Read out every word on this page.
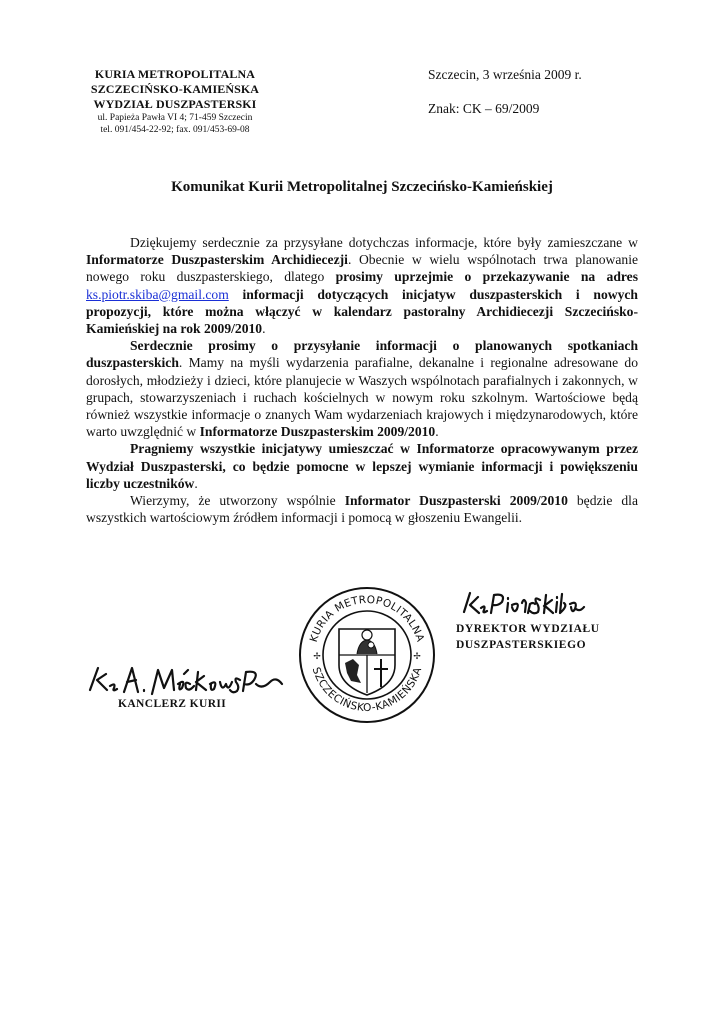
KURIA METROPOLITALNA
SZCZECIŃSKO-KAMIEŃSKA
WYDZIAŁ DUSZPASTERSKI
ul. Papieża Pawła VI 4; 71-459 Szczecin
tel. 091/454-22-92; fax. 091/453-69-08
Szczecin, 3 września 2009 r.
Znak: CK – 69/2009
Komunikat Kurii Metropolitalnej Szczecińsko-Kamieńskiej

Dziękujemy serdecznie za przysyłane dotychczas informacje, które były zamieszczane w Informatorze Duszpasterskim Archidiecezji. Obecnie w wielu wspólnotach trwa planowanie nowego roku duszpasterskiego, dlatego prosimy uprzejmie o przekazywanie na adres ks.piotr.skiba@gmail.com informacji dotyczących inicjatyw duszpasterskich i nowych propozycji, które można włączyć w kalendarz pastoralny Archidiecezji Szczecińsko-Kamieńskiej na rok 2009/2010.

Serdecznie prosimy o przysyłanie informacji o planowanych spotkaniach duszpasterskich. Mamy na myśli wydarzenia parafialne, dekanalne i regionalne adresowane do dorosłych, młodzieży i dzieci, które planujecie w Waszych wspólnotach parafialnych i zakonnych, w grupach, stowarzyszeniach i ruchach kościelnych w nowym roku szkolnym. Wartościowe będą również wszystkie informacje o znanych Wam wydarzeniach krajowych i międzynarodowych, które warto uwzględnić w Informatorze Duszpasterskim 2009/2010.

Pragniemy wszystkie inicjatywy umieszczać w Informatorze opracowywanym przez Wydział Duszpasterski, co będzie pomocne w lepszej wymianie informacji i powiększeniu liczby uczestników.

Wierzymy, że utworzony wspólnie Informator Duszpasterski 2009/2010 będzie dla wszystkich wartościowym źródłem informacji i pomocą w głoszeniu Ewangelii.

KURIA METROPOLITALNA
SZCZECIŃSKO-KAMIEŃSKA
✢	✢
DYREKTOR WYDZIAŁU
DUSZPASTERSKIEGO
KANCLERZ KURII
